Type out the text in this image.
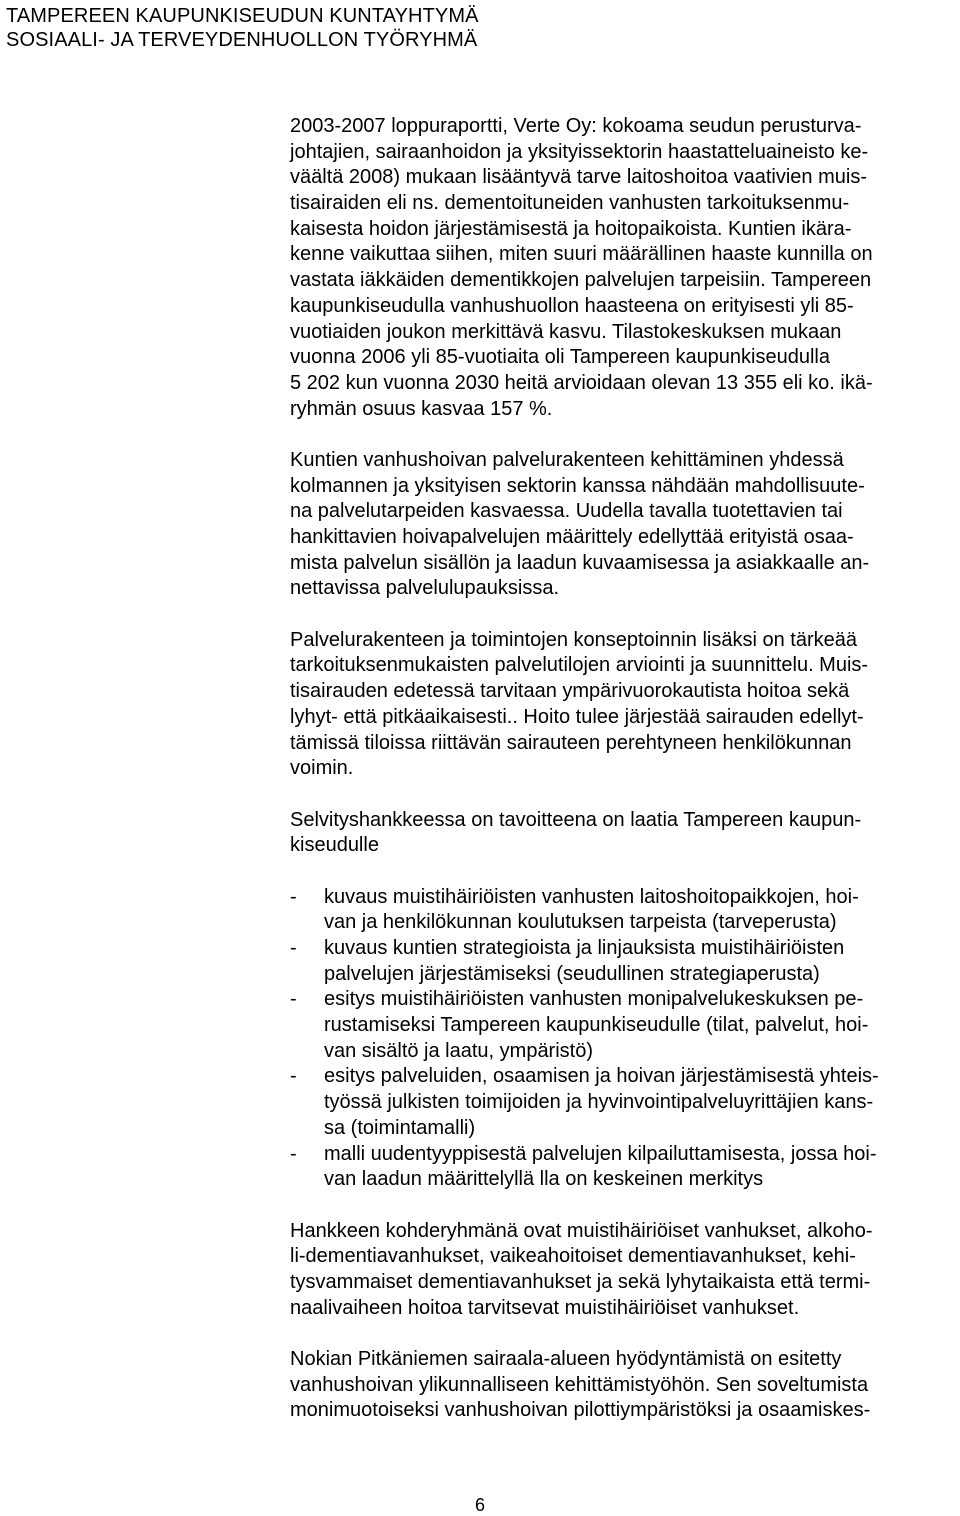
TAMPEREEN KAUPUNKISEUDUN KUNTAYHTYMÄ
SOSIAALI- JA TERVEYDENHUOLLON TYÖRYHMÄ
2003-2007 loppuraportti, Verte Oy: kokoama seudun perusturva-
johtajien, sairaanhoidon ja yksityissektorin haastatteluaineisto ke-
väältä 2008) mukaan lisääntyvä tarve laitoshoitoa vaativien muis-
tisairaiden eli ns. dementoituneiden vanhusten tarkoituksenmu-
kaisesta hoidon järjestämisestä ja hoitopaikoista. Kuntien ikära-
kenne vaikuttaa siihen, miten suuri määrällinen haaste kunnilla on
vastata iäkkäiden dementikkojen palvelujen tarpeisiin. Tampereen
kaupunkiseudulla vanhushuollon haasteena on erityisesti yli 85-
vuotiaiden joukon merkittävä kasvu. Tilastokeskuksen mukaan
vuonna 2006 yli 85-vuotiaita oli Tampereen kaupunkiseudulla
5 202 kun vuonna 2030 heitä arvioidaan olevan 13 355 eli ko. ikä-
ryhmän osuus kasvaa 157 %.
Kuntien vanhushoivan palvelurakenteen kehittäminen yhdessä
kolmannen ja yksityisen sektorin kanssa nähdään mahdollisuute-
na palvelutarpeiden kasvaessa. Uudella tavalla tuotettavien tai
hankittavien hoivapalvelujen määrittely edellyttää erityistä osaa-
mista palvelun sisällön ja laadun kuvaamisessa ja asiakkaalle an-
nettavissa palvelulupauksissa.
Palvelurakenteen ja toimintojen konseptoinnin lisäksi on tärkeää
tarkoituksenmukaisten palvelutilojen arviointi ja suunnittelu. Muis-
tisairauden edetessä tarvitaan ympärivuorokautista hoitoa sekä
lyhyt- että pitkäaikaisesti.. Hoito tulee järjestää sairauden edellyt-
tämissä tiloissa riittävän sairauteen perehtyneen henkilökunnan
voimin.
Selvityshankkeessa on tavoitteena on laatia Tampereen kaupun-
kiseudulle
-	kuvaus muistihäiriöisten vanhusten laitoshoitopaikkojen, hoi-
van ja henkilökunnan koulutuksen tarpeista (tarveperusta)
-	kuvaus kuntien strategioista ja linjauksista muistihäiriöisten
palvelujen järjestämiseksi (seudullinen strategiaperusta)
-	esitys muistihäiriöisten vanhusten monipalvelukeskuksen pe-
rustamiseksi Tampereen kaupunkiseudulle (tilat, palvelut, hoi-
van sisältö ja laatu, ympäristö)
-	esitys palveluiden, osaamisen ja hoivan järjestämisestä yhteis-
työssä julkisten toimijoiden ja hyvinvointipalveluyrittäjien kans-
sa (toimintamalli)
-	malli uudentyyppisestä palvelujen kilpailuttamisesta, jossa hoi-
van laadun määrittelyllä lla on keskeinen merkitys
Hankkeen kohderyhmänä ovat muistihäiriöiset vanhukset, alkoho-
li-dementiavanhukset, vaikeahoitoiset dementiavanhukset, kehi-
tysvammaiset dementiavanhukset ja sekä lyhytaikaista että termi-
naalivaiheen hoitoa tarvitsevat muistihäiriöiset vanhukset.
Nokian Pitkäniemen sairaala-alueen hyödyntämistä on esitetty
vanhushoivan ylikunnalliseen kehittämistyöhön. Sen soveltumista
monimuotoiseksi vanhushoivan pilottiympäristöksi ja osaamiskes-
6
